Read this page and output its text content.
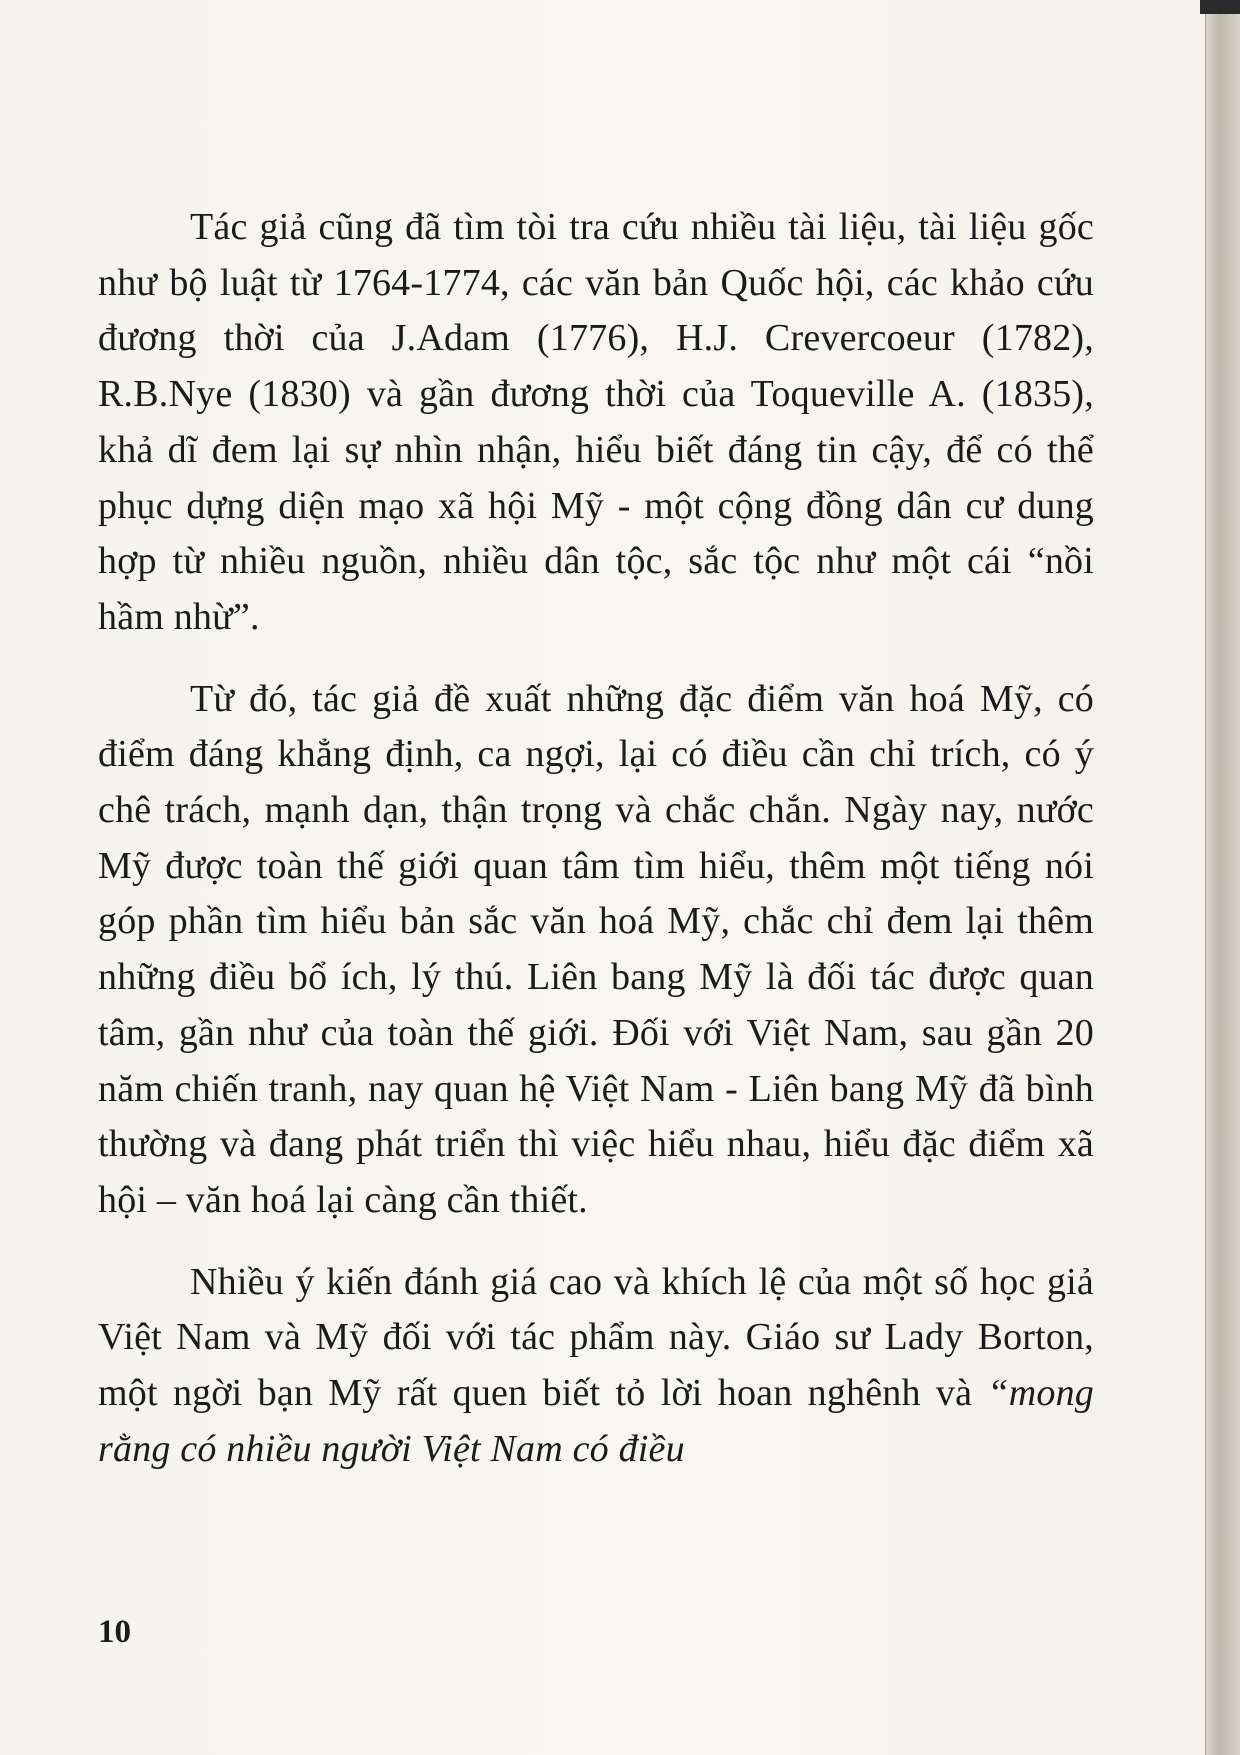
Tác giả cũng đã tìm tòi tra cứu nhiều tài liệu, tài liệu gốc như bộ luật từ 1764-1774, các văn bản Quốc hội, các khảo cứu đương thời của J.Adam (1776), H.J. Crevercoeur (1782), R.B.Nye (1830) và gần đương thời của Toqueville A. (1835), khả dĩ đem lại sự nhìn nhận, hiểu biết đáng tin cậy, để có thể phục dựng diện mạo xã hội Mỹ - một cộng đồng dân cư dung hợp từ nhiều nguồn, nhiều dân tộc, sắc tộc như một cái “nồi hầm nhừ”.

Từ đó, tác giả đề xuất những đặc điểm văn hoá Mỹ, có điểm đáng khẳng định, ca ngợi, lại có điều cần chỉ trích, có ý chê trách, mạnh dạn, thận trọng và chắc chắn. Ngày nay, nước Mỹ được toàn thế giới quan tâm tìm hiểu, thêm một tiếng nói góp phần tìm hiểu bản sắc văn hoá Mỹ, chắc chỉ đem lại thêm những điều bổ ích, lý thú. Liên bang Mỹ là đối tác được quan tâm, gần như của toàn thế giới. Đối với Việt Nam, sau gần 20 năm chiến tranh, nay quan hệ Việt Nam - Liên bang Mỹ đã bình thường và đang phát triển thì việc hiểu nhau, hiểu đặc điểm xã hội – văn hoá lại càng cần thiết.

Nhiều ý kiến đánh giá cao và khích lệ của một số học giả Việt Nam và Mỹ đối với tác phẩm này. Giáo sư Lady Borton, một ngời bạn Mỹ rất quen biết tỏ lời hoan nghênh và “mong rằng có nhiều người Việt Nam có điều

10
